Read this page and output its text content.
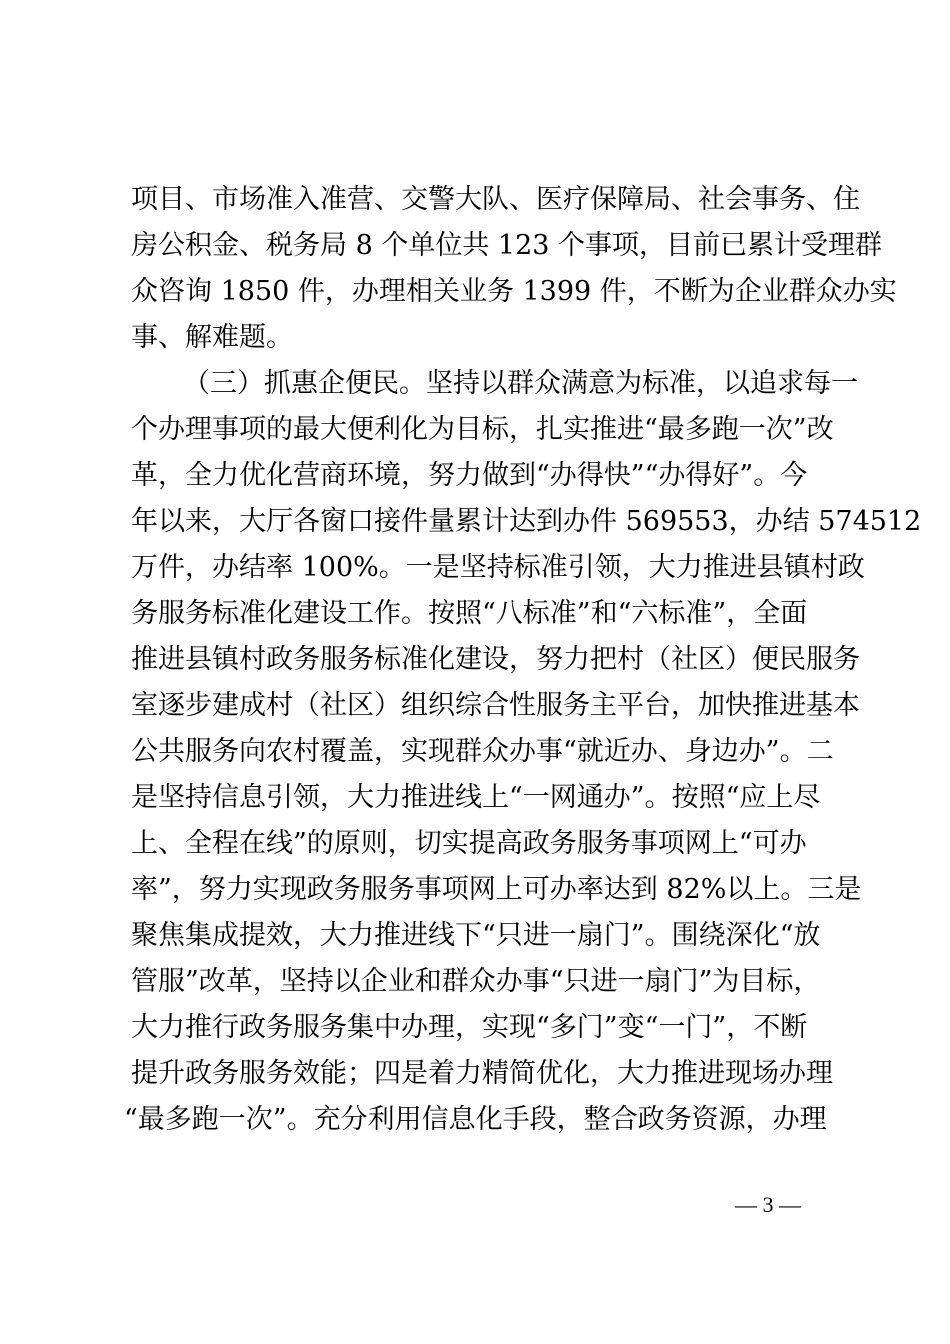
项目、市场准入准营、交警大队、医疗保障局、社会事务、住
房公积金、税务局 8 个单位共 123 个事项，目前已累计受理群
众咨询 1850 件，办理相关业务 1399 件，不断为企业群众办实
事、解难题。
（三）抓惠企便民。坚持以群众满意为标准，以追求每一
个办理事项的最大便利化为目标，扎实推进“最多跑一次”改
革，全力优化营商环境，努力做到“办得快”“办得好”。今
年以来，大厅各窗口接件量累计达到办件 569553，办结 574512
万件，办结率 100%。一是坚持标准引领，大力推进县镇村政
务服务标准化建设工作。按照“八标准”和“六标准”，全面
推进县镇村政务服务标准化建设，努力把村（社区）便民服务
室逐步建成村（社区）组织综合性服务主平台，加快推进基本
公共服务向农村覆盖，实现群众办事“就近办、身边办”。二
是坚持信息引领，大力推进线上“一网通办”。按照“应上尽
上、全程在线”的原则，切实提高政务服务事项网上“可办
率”，努力实现政务服务事项网上可办率达到 82%以上。三是
聚焦集成提效，大力推进线下“只进一扇门”。围绕深化“放
管服”改革，坚持以企业和群众办事“只进一扇门”为目标，
大力推行政务服务集中办理，实现“多门”变“一门”，不断
提升政务服务效能；四是着力精简优化，大力推进现场办理
“最多跑一次”。充分利用信息化手段，整合政务资源，办理
— 3 —
